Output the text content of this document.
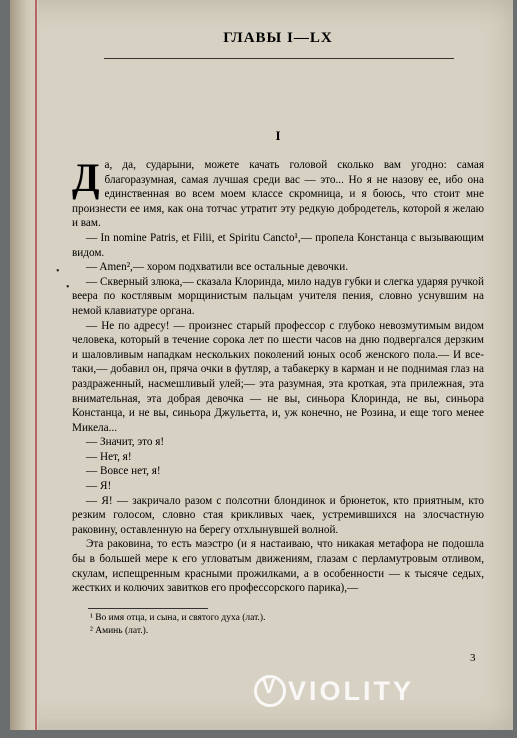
ГЛАВЫ I—LX
I

Да, да, сударыни, можете качать головой сколько вам угодно: самая благоразумная, самая лучшая среди вас — это... Но я не назову ее, ибо она единственная во всем моем классе скромница, и я боюсь, что стоит мне произнести ее имя, как она тотчас утратит эту редкую добродетель, которой я желаю и вам.

— In nomine Patris, et Filii, et Spiritu Cancto¹,— пропела Констанца с вызывающим видом.

— Amen²,— хором подхватили все остальные девочки.

— Скверный злюка,— сказала Клоринда, мило надув губки и слегка ударяя ручкой веера по костлявым морщинистым пальцам учителя пения, словно уснувшим на немой клавиатуре органа.

— Не по адресу! — произнес старый профессор с глубоко невозмутимым видом человека, который в течение сорока лет по шести часов на дню подвергался дерзким и шаловливым нападкам нескольких поколений юных особ женского пола.— И все-таки,— добавил он, пряча очки в футляр, а табакерку в карман и не поднимая глаз на раздраженный, насмешливый улей;— эта разумная, эта кроткая, эта прилежная, эта внимательная, эта добрая девочка — не вы, синьора Клоринда, не вы, синьора Констанца, и не вы, синьора Джульетта, и, уж конечно, не Розина, и еще того менее Микела...

— Значит, это я!

— Нет, я!

— Вовсе нет, я!

— Я!

— Я! — закричало разом с полсотни блондинок и брюнеток, кто приятным, кто резким голосом, словно стая крикливых чаек, устремившихся на злосчастную раковину, оставленную на берегу отхлынувшей волной.

Эта раковина, то есть маэстро (и я настаиваю, что никакая метафора не подошла бы в большей мере к его угловатым движениям, глазам с перламутровым отливом, скулам, испещренным красными прожилками, а в особенности — к тысяче седых, жестких и колючих завитков его профессорского парика),—

•
•
¹ Во имя отца, и сына, и святого духа (лат.).
² Аминь (лат.).
3
V
VIOLITY
